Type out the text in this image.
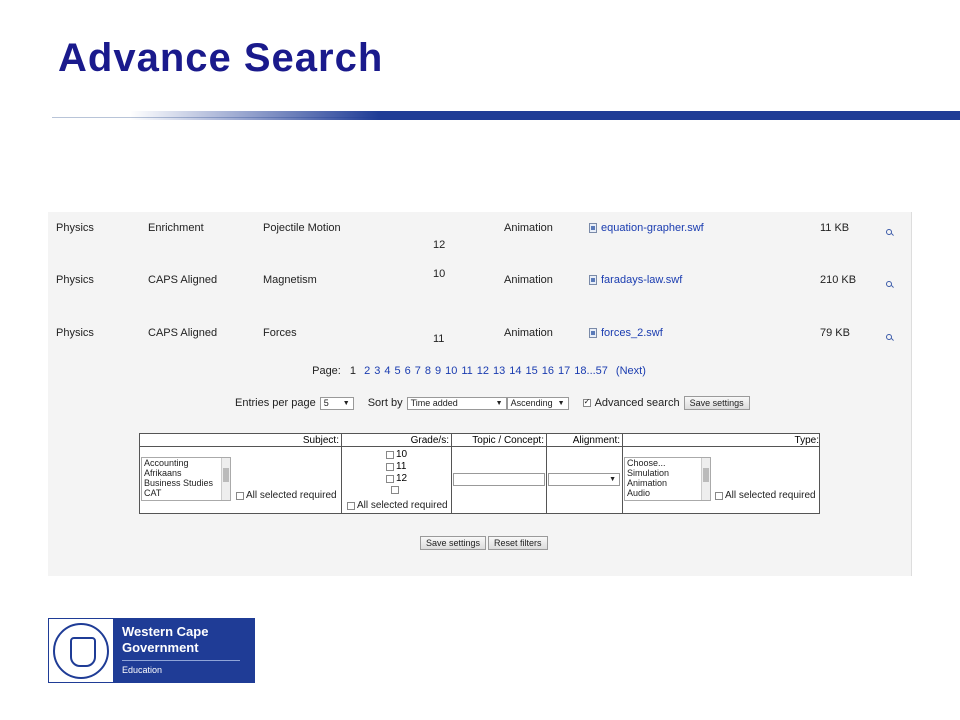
Advance Search
Physics	Enrichment	Pojectile Motion
12
Animation	equation-grapher.swf	11 KB
Physics	CAPS Aligned	Magnetism	10	Animation	faradays-law.swf	210 KB
Physics	CAPS Aligned	Forces	11	Animation	forces_2.swf	79 KB
Page: 1 2 3 4 5 6 7 8 9 10 11 12 13 14 15 16 17 18...57 (Next)
Entries per page 5 ▼ Sort by Time added	▼ Ascending ▼
✓	Advanced search	Save settings
Subject:
Accounting
Afrikaans
Business Studies
CAT	All selected required
Grade/s:
10
11
12
All selected required
Topic / Concept:	Alignment:
▼
Type:
Choose...
Simulation
Animation
Audio	All selected required
Save settings	Reset filters
Western Cape
Government
Education
